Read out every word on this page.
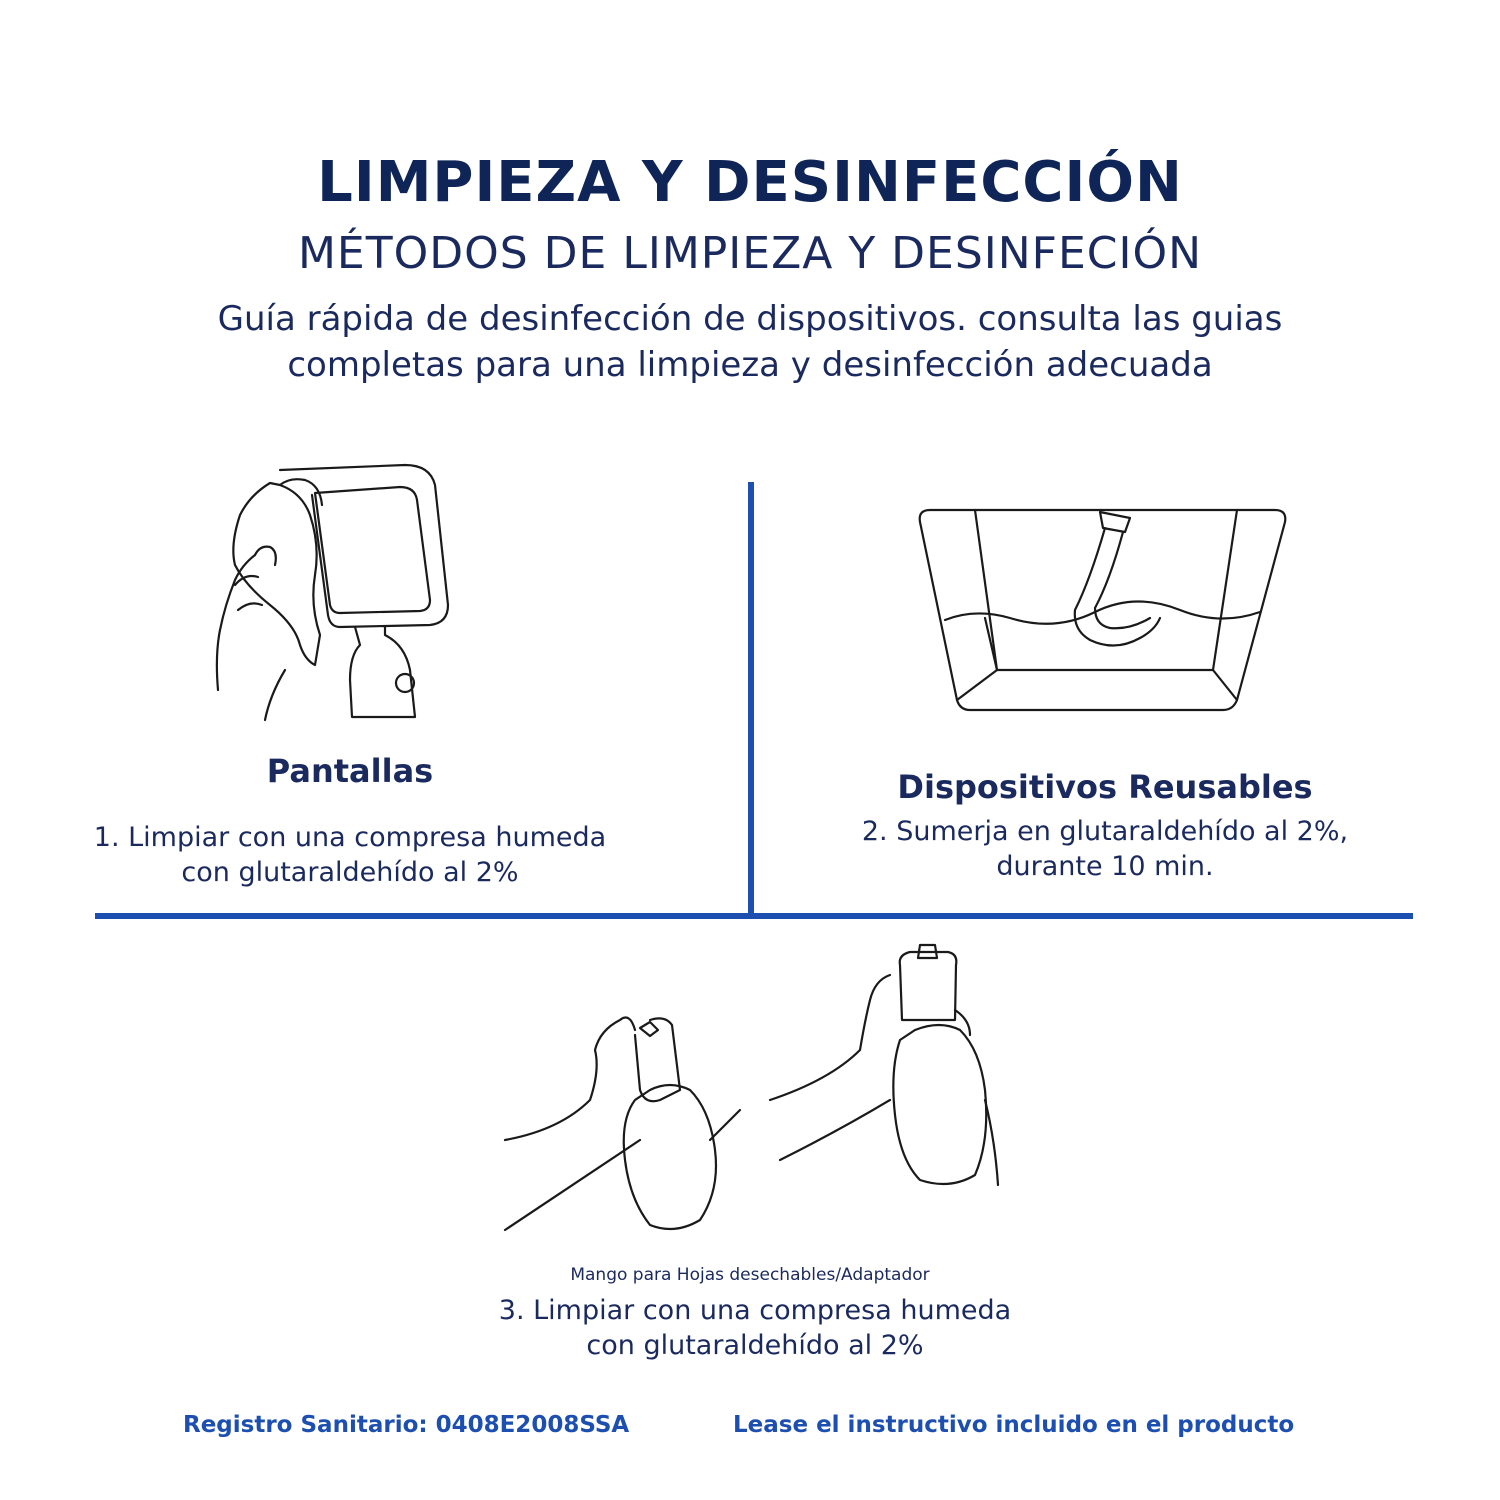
LIMPIEZA Y DESINFECCIÓN
MÉTODOS DE LIMPIEZA Y DESINFECIÓN
Guía rápida de desinfección de dispositivos. consulta las guias
completas para una limpieza y desinfección adecuada
Pantallas
1. Limpiar con una compresa humeda
con glutaraldehído al 2%
Dispositivos Reusables
2. Sumerja en glutaraldehído al 2%,
durante 10 min.
Mango para Hojas desechables/Adaptador
3. Limpiar con una compresa humeda
con glutaraldehído al 2%
Registro Sanitario: 0408E2008SSA	Lease el instructivo incluido en el producto
